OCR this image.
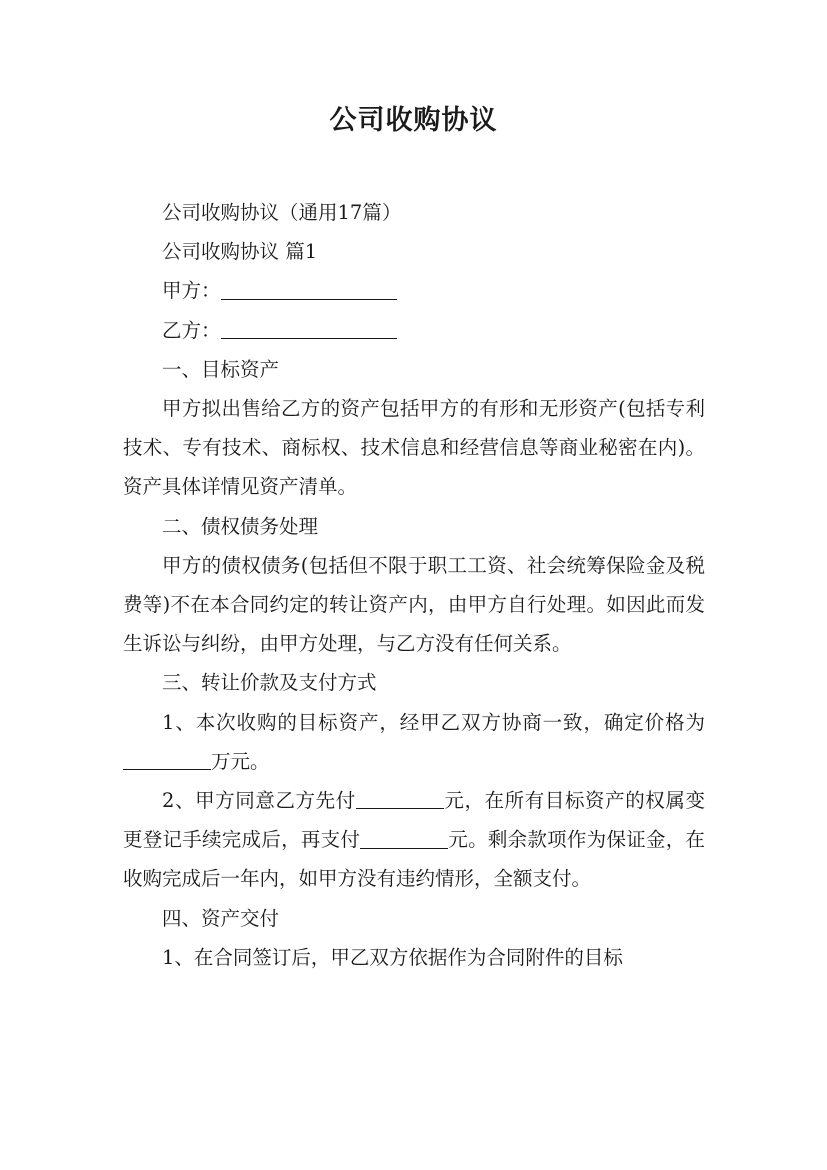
公司收购协议

公司收购协议（通用17篇）

公司收购协议 篇1

甲方：

乙方：

一、目标资产

甲方拟出售给乙方的资产包括甲方的有形和无形资产(包括专利技术、专有技术、商标权、技术信息和经营信息等商业秘密在内)。资产具体详情见资产清单。

二、债权债务处理

甲方的债权债务(包括但不限于职工工资、社会统筹保险金及税费等)不在本合同约定的转让资产内，由甲方自行处理。如因此而发生诉讼与纠纷，由甲方处理，与乙方没有任何关系。

三、转让价款及支付方式

1、本次收购的目标资产，经甲乙双方协商一致，确定价格为万元。

2、甲方同意乙方先付	元，在所有目标资产的权属变更登记手续完成后，再支付	元。剩余款项作为保证金，在收购完成后一年内，如甲方没有违约情形，全额支付。

四、资产交付

1、在合同签订后，甲乙双方依据作为合同附件的目标
